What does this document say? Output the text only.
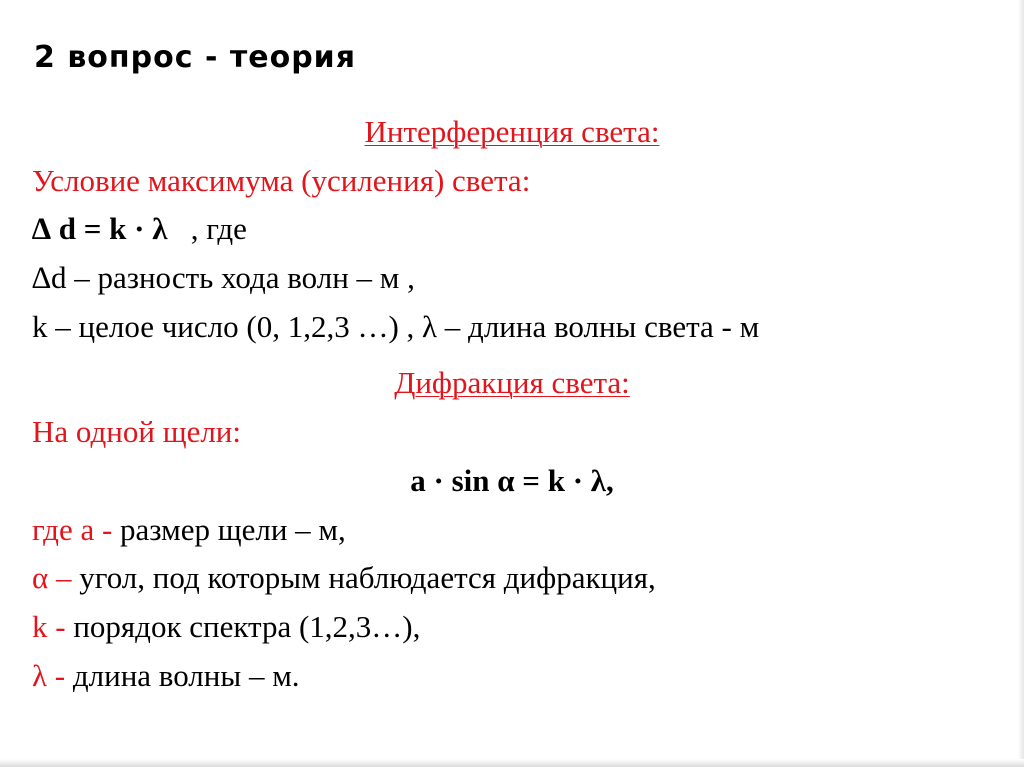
2 вопрос - теория
Интерференция света:
Условие максимума (усиления) света:
∆ d = k · λ   , где
∆d – разность хода волн – м ,
k – целое число (0, 1,2,3 …) , λ – длина волны света - м
Дифракция света:
На одной щели:
a · sin α = k · λ,
где a - размер щели – м,
α – угол, под которым наблюдается дифракция,
k - порядок спектра (1,2,3…),
λ - длина волны – м.
